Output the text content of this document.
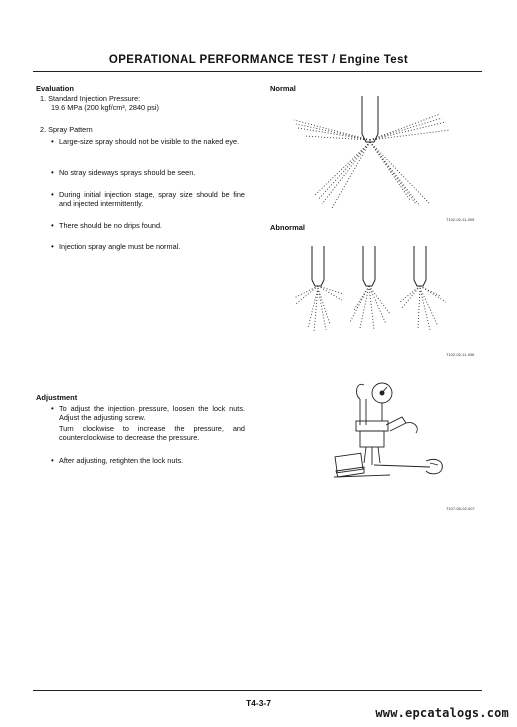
OPERATIONAL PERFORMANCE TEST / Engine Test
Evaluation
1. Standard Injection Pressure:
19.6 MPa (200 kgf/cm², 2840 psi)
2. Spray Pattern
• Large-size spray should not be visible to the naked eye.
• No stray sideways sprays should be seen.
• During initial injection stage, spray size should be fine and injected intermittently.
• There should be no drips found.
• Injection spray angle must be normal.
Normal
T102-02-11-005
Abnormal
T102-02-11-006
Adjustment
• To adjust the injection pressure, loosen the lock nuts. Adjust the adjusting screw.
Turn clockwise to increase the pressure, and counterclockwise to decrease the pressure.
• After adjusting, retighten the lock nuts.
T107-06-02-007
T4-3-7
www.epcatalogs.com
